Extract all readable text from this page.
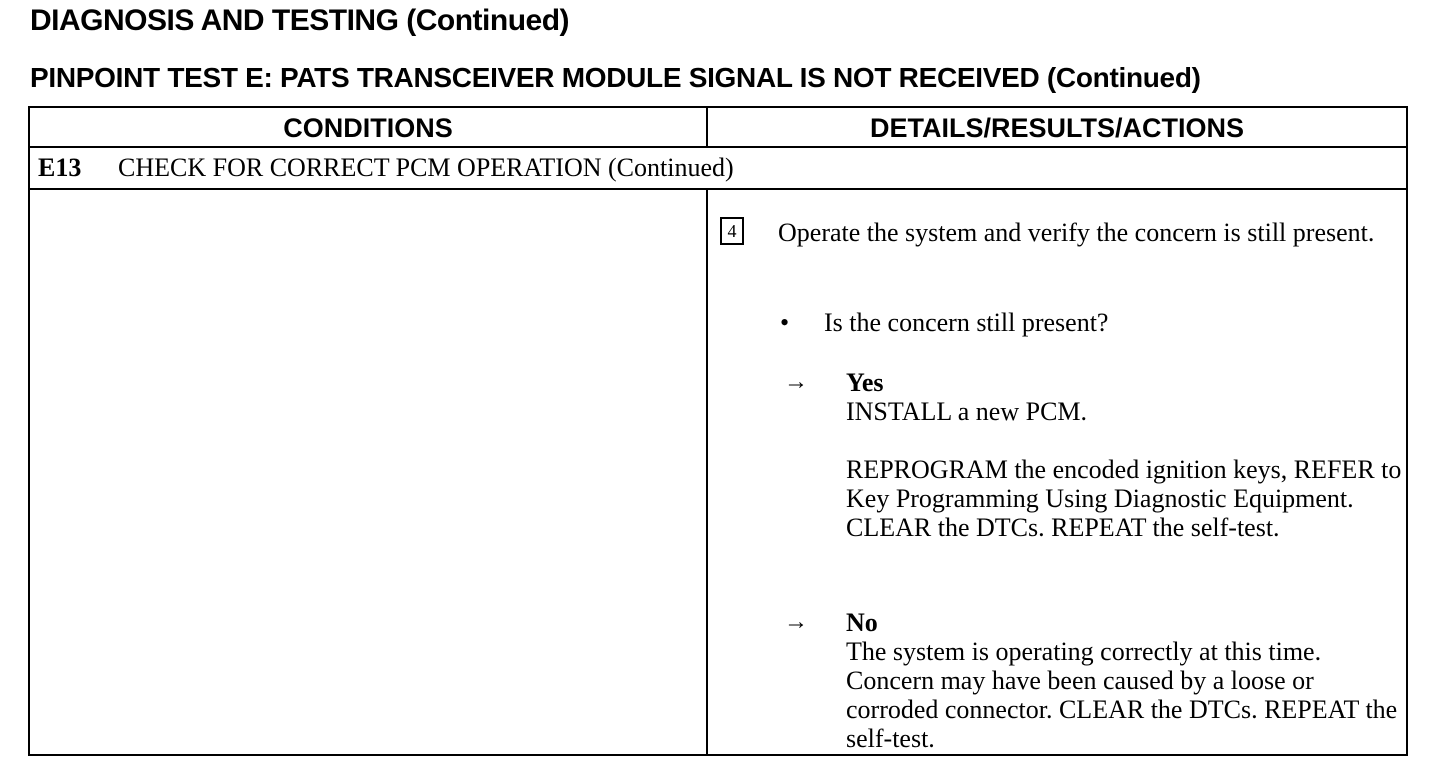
DIAGNOSIS AND TESTING (Continued)
PINPOINT TEST E: PATS TRANSCEIVER MODULE SIGNAL IS NOT RECEIVED (Continued)
CONDITIONS	DETAILS/RESULTS/ACTIONS
E13 CHECK FOR CORRECT PCM OPERATION (Continued)
4 Operate the system and verify the concern is still present.
• Is the concern still present?
→ Yes

INSTALL a new PCM.

REPROGRAM the encoded ignition keys, REFER to Key Programming Using Diagnostic Equipment. CLEAR the DTCs. REPEAT the self-test.

→ No

The system is operating correctly at this time. Concern may have been caused by a loose or corroded connector. CLEAR the DTCs. REPEAT the self-test.
